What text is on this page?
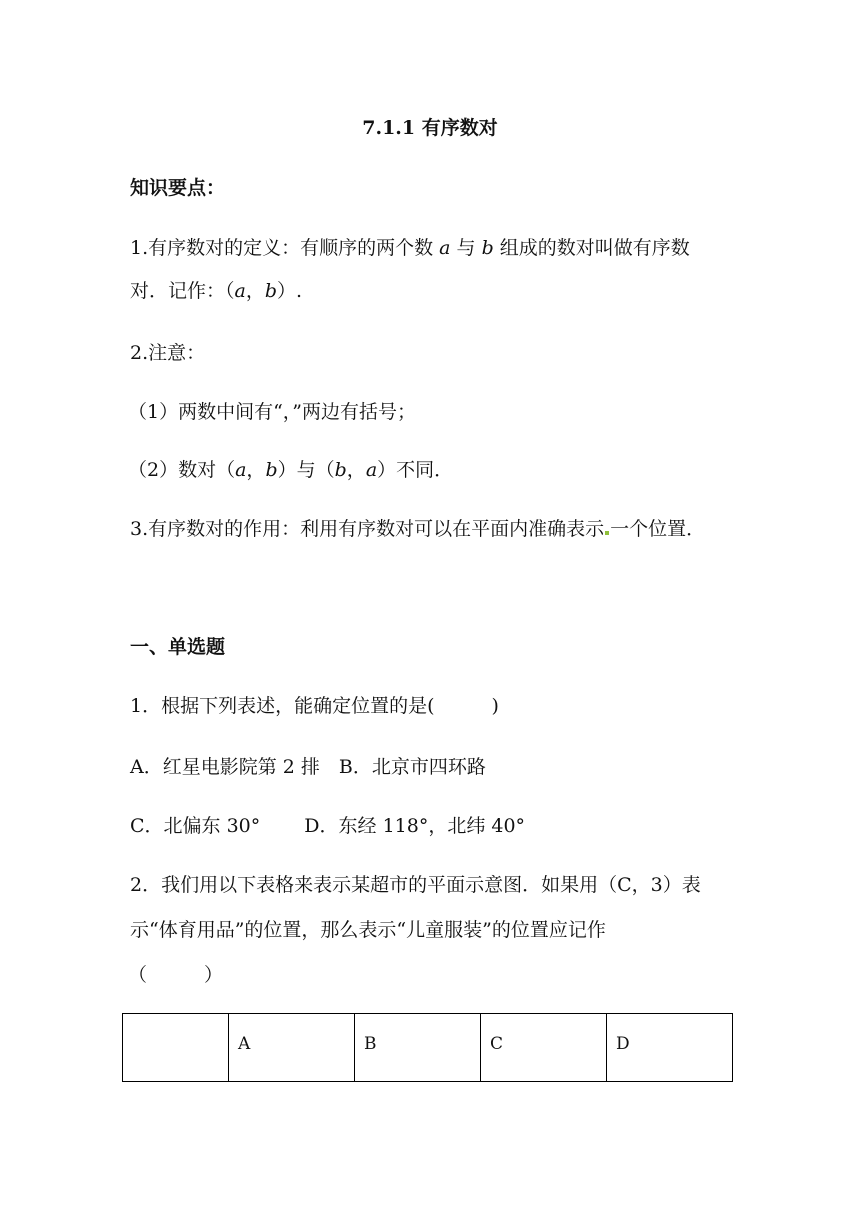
7.1.1 有序数对
知识要点：
1.有序数对的定义：有顺序的两个数 a 与 b 组成的数对叫做有序数
对．记作：（a，b）.
2.注意：
（1）两数中间有“，”两边有括号；
（2）数对（a，b）与（b，a）不同．
3.有序数对的作用：利用有序数对可以在平面内准确表示 一个位置．
一、单选题
1．根据下列表述，能确定位置的是(　　　)
A．红星电影院第 2 排　B．北京市四环路
C．北偏东 30°　　 D．东经 118°，北纬 40°
2．我们用以下表格来表示某超市的平面示意图．如果用（C，3）表
示“体育用品”的位置，那么表示“儿童服装”的位置应记作
（　　　）
	A	B	C	D
